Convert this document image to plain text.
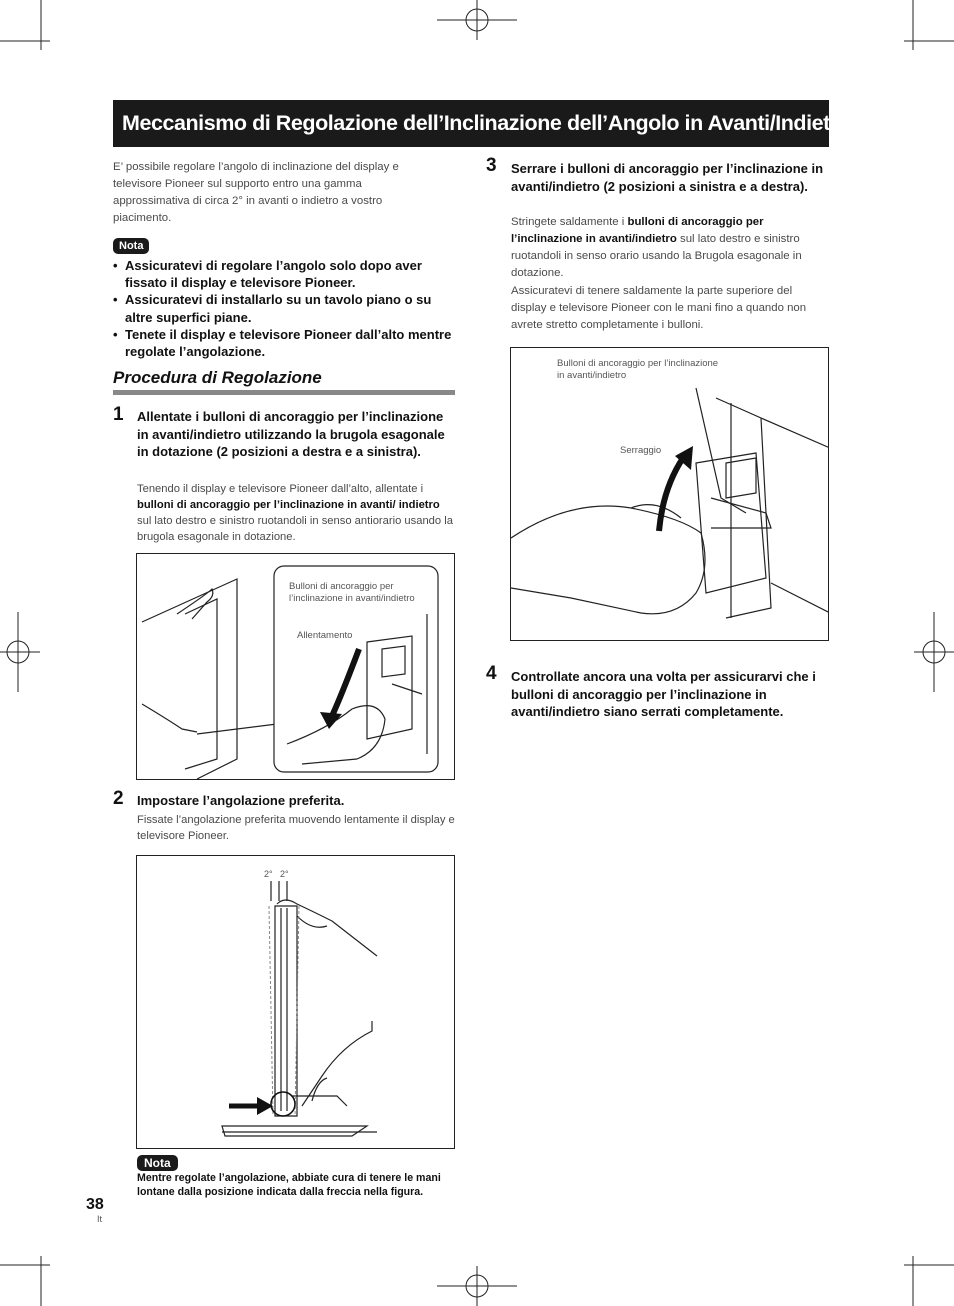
Meccanismo di Regolazione dell’Inclinazione dell’Angolo in Avanti/Indietro
E’ possibile regolare l’angolo di inclinazione del display e televisore Pioneer sul supporto entro una gamma approssimativa di circa 2° in avanti o indietro a vostro piacimento.
Nota
• Assicuratevi di regolare l’angolo solo dopo aver fissato il display e televisore Pioneer.
• Assicuratevi di installarlo su un tavolo piano o su altre superfici piane.
• Tenete il display e televisore Pioneer dall’alto mentre regolate l’angolazione.
Procedura di Regolazione
1 Allentate i bulloni di ancoraggio per l’inclinazione in avanti/indietro utilizzando la brugola esagonale in dotazione (2 posizioni a destra e a sinistra).
Tenendo il display e televisore Pioneer dall’alto, allentate i bulloni di ancoraggio per l’inclinazione in avanti/ indietro sul lato destro e sinistro ruotandoli in senso antiorario usando la brugola esagonale in dotazione.
Bulloni di ancoraggio per l’inclinazione in avanti/indietro
Allentamento
2 Impostare l’angolazione preferita.
Fissate l’angolazione preferita muovendo lentamente il display e televisore Pioneer.
2° 2°
Nota
Mentre regolate l’angolazione, abbiate cura di tenere le mani lontane dalla posizione indicata dalla freccia nella figura.
38
It
3 Serrare i bulloni di ancoraggio per l’inclinazione in avanti/indietro (2 posizioni a sinistra e a destra).
Stringete saldamente i bulloni di ancoraggio per l’inclinazione in avanti/indietro sul lato destro e sinistro ruotandoli in senso orario usando la Brugola esagonale in dotazione.
Assicuratevi di tenere saldamente la parte superiore del display e televisore Pioneer con le mani fino a quando non avrete stretto completamente i bulloni.
Bulloni di ancoraggio per l’inclinazione in avanti/indietro
Serraggio
4 Controllate ancora una volta per assicurarvi che i bulloni di ancoraggio per l’inclinazione in avanti/indietro siano serrati completamente.
